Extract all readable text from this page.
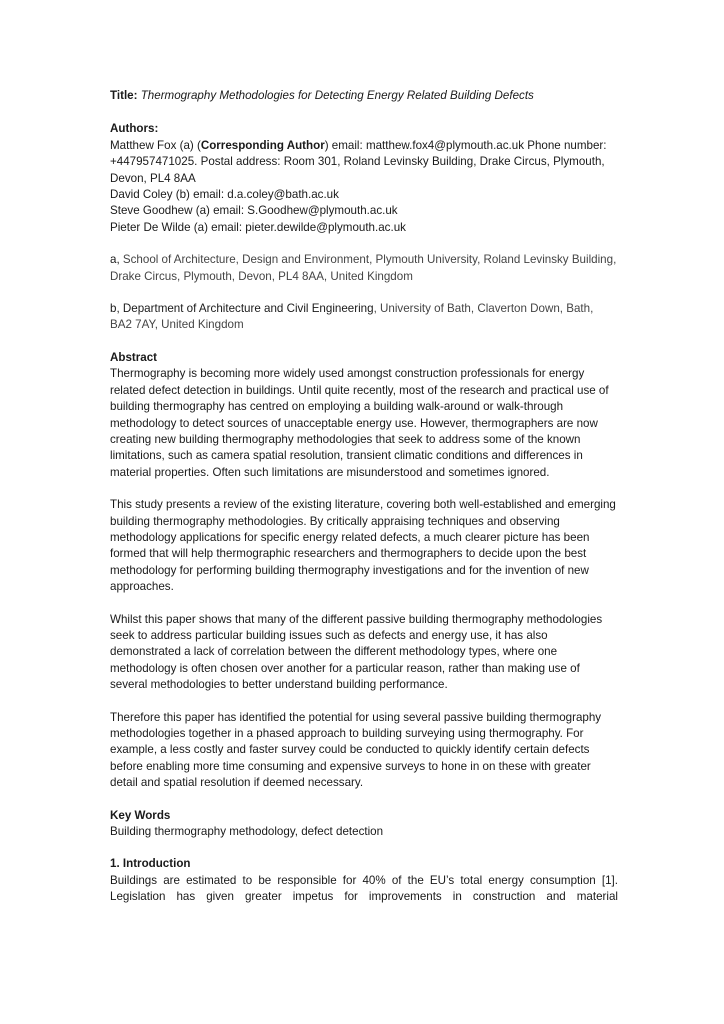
Title: Thermography Methodologies for Detecting Energy Related Building Defects

Authors:

Matthew Fox (a) (Corresponding Author) email: matthew.fox4@plymouth.ac.uk Phone number: +447957471025. Postal address: Room 301, Roland Levinsky Building, Drake Circus, Plymouth, Devon, PL4 8AA

David Coley (b) email: d.a.coley@bath.ac.uk

Steve Goodhew (a) email: S.Goodhew@plymouth.ac.uk

Pieter De Wilde (a) email: pieter.dewilde@plymouth.ac.uk

a, School of Architecture, Design and Environment, Plymouth University, Roland Levinsky Building, Drake Circus, Plymouth, Devon, PL4 8AA, United Kingdom

b, Department of Architecture and Civil Engineering, University of Bath, Claverton Down, Bath, BA2 7AY, United Kingdom

Abstract

Thermography is becoming more widely used amongst construction professionals for energy related defect detection in buildings. Until quite recently, most of the research and practical use of building thermography has centred on employing a building walk-around or walk-through methodology to detect sources of unacceptable energy use. However, thermographers are now creating new building thermography methodologies that seek to address some of the known limitations, such as camera spatial resolution, transient climatic conditions and differences in material properties. Often such limitations are misunderstood and sometimes ignored.

This study presents a review of the existing literature, covering both well-established and emerging building thermography methodologies. By critically appraising techniques and observing methodology applications for specific energy related defects, a much clearer picture has been formed that will help thermographic researchers and thermographers to decide upon the best methodology for performing building thermography investigations and for the invention of new approaches.

Whilst this paper shows that many of the different passive building thermography methodologies seek to address particular building issues such as defects and energy use, it has also demonstrated a lack of correlation between the different methodology types, where one methodology is often chosen over another for a particular reason, rather than making use of several methodologies to better understand building performance.

Therefore this paper has identified the potential for using several passive building thermography methodologies together in a phased approach to building surveying using thermography. For example, a less costly and faster survey could be conducted to quickly identify certain defects before enabling more time consuming and expensive surveys to hone in on these with greater detail and spatial resolution if deemed necessary.

Key Words

Building thermography methodology, defect detection

1. Introduction

Buildings are estimated to be responsible for 40% of the EU’s total energy consumption [1]. Legislation has given greater impetus for improvements in construction and material
